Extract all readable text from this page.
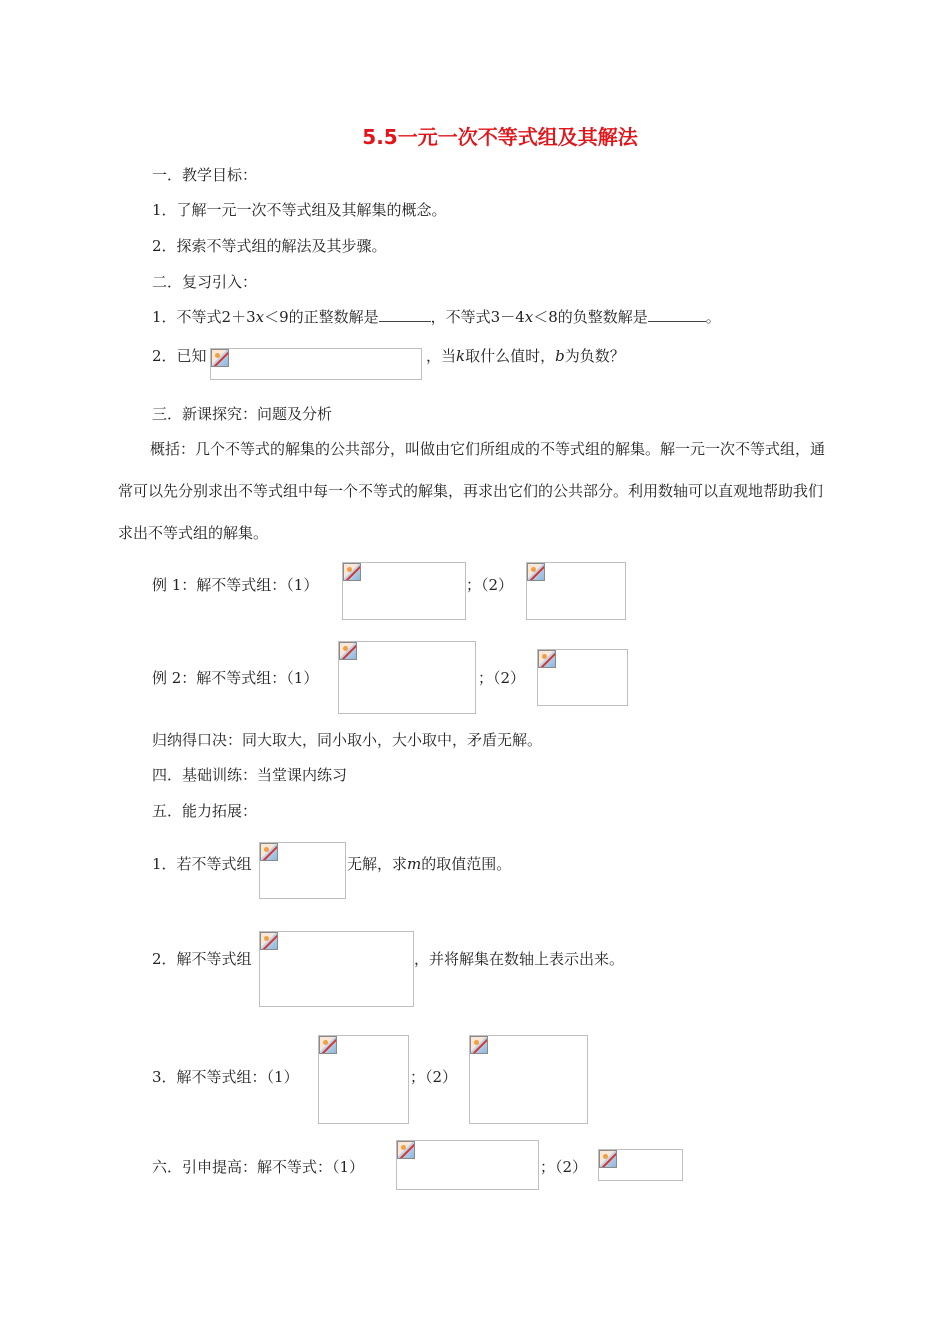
5.5一元一次不等式组及其解法
一．教学目标：
1．了解一元一次不等式组及其解集的概念。
2．探索不等式组的解法及其步骤。
二．复习引入：
1．不等式2＋3x＜9的正整数解是	，不等式3－4x＜8的负整数解是	。
2．已知	，当k取什么值时，b为负数？
三．新课探究：问题及分析
概括：几个不等式的解集的公共部分，叫做由它们所组成的不等式组的解集。解一元一次不等式组，通常可以先分别求出不等式组中每一个不等式的解集，再求出它们的公共部分。利用数轴可以直观地帮助我们求出不等式组的解集。
例 1：解不等式组：（1）	；（2）
例 2：解不等式组：（1）	；（2）
归纳得口决：同大取大，同小取小，大小取中，矛盾无解。
四．基础训练：当堂课内练习
五．能力拓展：
1．若不等式组	无解，求m的取值范围。
2．解不等式组	，并将解集在数轴上表示出来。
3．解不等式组：（1）	；（2）
六．引申提高：解不等式：（1）	；（2）
